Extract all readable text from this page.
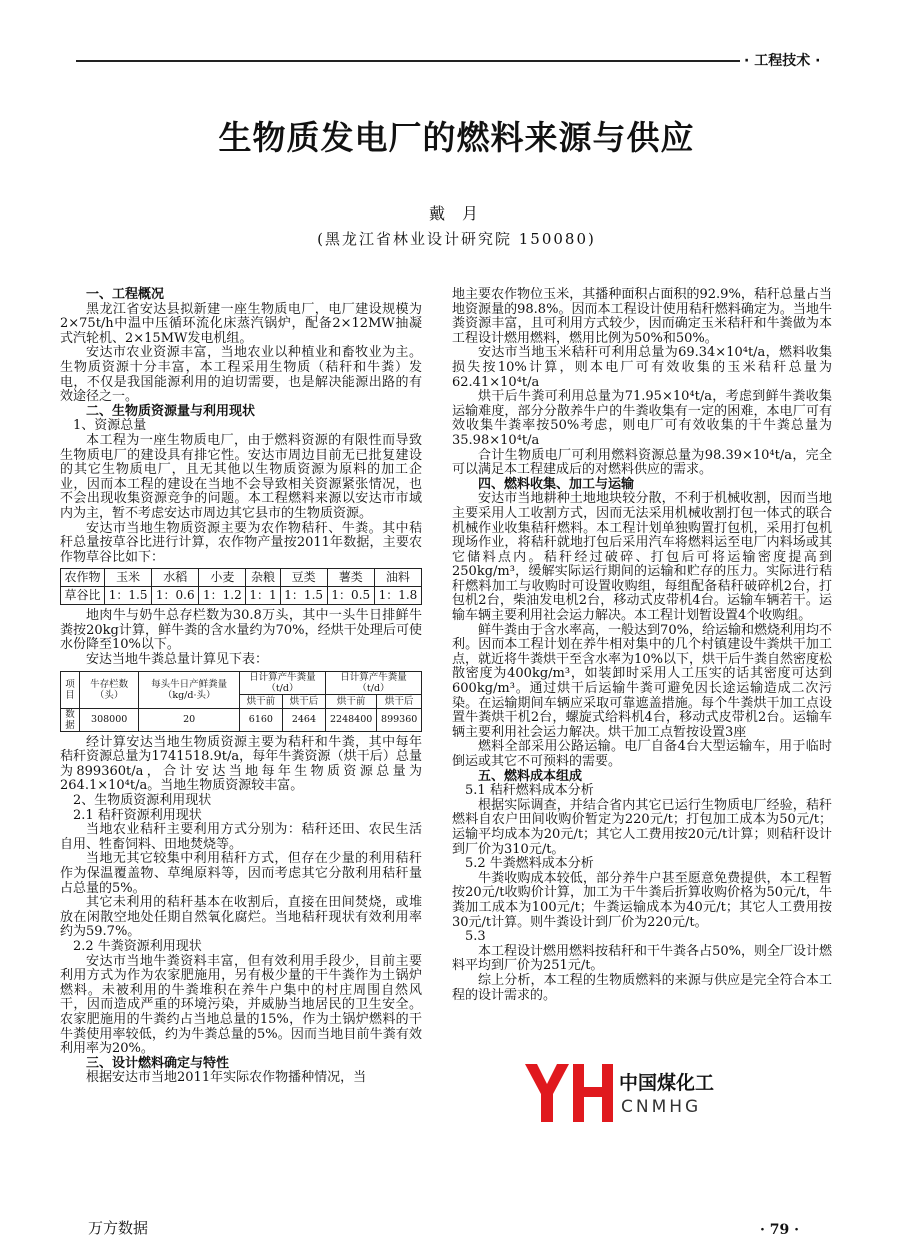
· 工程技术 ·
生物质发电厂的燃料来源与供应
戴 月
(黑龙江省林业设计研究院 150080)
一、工程概况

黑龙江省安达县拟新建一座生物质电厂，电厂建设规模为2×75t/h中温中压循环流化床蒸汽锅炉，配备2×12MW抽凝式汽轮机、2×15MW发电机组。

安达市农业资源丰富，当地农业以种植业和畜牧业为主。生物质资源十分丰富，本工程采用生物质（秸秆和牛粪）发电，不仅是我国能源利用的迫切需要，也是解决能源出路的有效途径之一。

二、生物质资源量与利用现状
1、资源总量

本工程为一座生物质电厂，由于燃料资源的有限性而导致生物质电厂的建设具有排它性。安达市周边目前无已批复建设的其它生物质电厂，且无其他以生物质资源为原料的加工企业，因而本工程的建设在当地不会导致相关资源紧张情况，也不会出现收集资源竞争的问题。本工程燃料来源以安达市市域内为主，暂不考虑安达市周边其它县市的生物质资源。

安达市当地生物质资源主要为农作物秸秆、牛粪。其中秸秆总量按草谷比进行计算，农作物产量按2011年数据，主要农作物草谷比如下：

农作物	玉米	水稻	小麦	杂粮	豆类	薯类	油料
草谷比	1：1.5	1：0.6	1：1.2	1：1	1：1.5	1：0.5	1：1.8

地肉牛与奶牛总存栏数为30.8万头，其中一头牛日排鲜牛粪按20kg计算，鲜牛粪的含水量约为70%，经烘干处理后可使水份降至10%以下。

安达当地牛粪总量计算见下表：

项目	牛存栏数（头）	每头牛日产鲜粪量（kg/d·头）	日计算产牛粪量（t/d）		日计算产牛粪量（t/d）	
			烘干前	烘干后	烘干前	烘干后
数据	308000	20	6160	2464	2248400	899360

经计算安达当地生物质资源主要为秸秆和牛粪，其中每年秸秆资源总量为1741518.9t/a，每年牛粪资源（烘干后）总量为899360t/a，合计安达当地每年生物质资源总量为264.1×10⁴t/a。当地生物质资源较丰富。

2、生物质资源利用现状
2.1 秸秆资源利用现状

当地农业秸秆主要利用方式分别为：秸秆还田、农民生活自用、牲畜饲料、田地焚烧等。

当地无其它较集中利用秸秆方式，但存在少量的利用秸秆作为保温覆盖物、草绳原料等，因而考虑其它分散利用秸秆量占总量的5%。

其它未利用的秸秆基本在收割后，直接在田间焚烧，或堆放在闲散空地处任期自然氧化腐烂。当地秸秆现状有效利用率约为59.7%。

2.2 牛粪资源利用现状

安达市当地牛粪资料丰富，但有效利用手段少，目前主要利用方式为作为农家肥施用，另有极少量的干牛粪作为土锅炉燃料。未被利用的牛粪堆积在养牛户集中的村庄周围自然风干，因而造成严重的环境污染，并威胁当地居民的卫生安全。农家肥施用的牛粪约占当地总量的15%，作为土锅炉燃料的干牛粪使用率较低，约为牛粪总量的5%。因而当地目前牛粪有效利用率为20%。

三、设计燃料确定与特性

根据安达市当地2011年实际农作物播种情况，当

地主要农作物位玉米，其播种面积占面积的92.9%，秸秆总量占当地资源量的98.8%。因而本工程设计使用秸秆燃料确定为。当地牛粪资源丰富，且可利用方式较少，因而确定玉米秸秆和牛粪做为本工程设计燃用燃料，燃用比例为50%和50%。

安达市当地玉米秸秆可利用总量为69.34×10⁴t/a，燃料收集损失按10%计算，则本电厂可有效收集的玉米秸秆总量为62.41×10⁴t/a

烘干后牛粪可利用总量为71.95×10⁴t/a，考虑到鲜牛粪收集运输难度，部分分散养牛户的牛粪收集有一定的困难，本电厂可有效收集牛粪率按50%考虑，则电厂可有效收集的干牛粪总量为35.98×10⁴t/a

合计生物质电厂可利用燃料资源总量为98.39×10⁴t/a，完全可以满足本工程建成后的对燃料供应的需求。

四、燃料收集、加工与运输

安达市当地耕种土地地块较分散，不利于机械收割，因而当地主要采用人工收割方式，因而无法采用机械收割打包一体式的联合机械作业收集秸秆燃料。本工程计划单独购置打包机，采用打包机现场作业，将秸秆就地打包后采用汽车将燃料运至电厂内料场或其它储料点内。秸秆经过破碎、打包后可将运输密度提高到250kg/m³，缓解实际运行期间的运输和贮存的压力。实际进行秸秆燃料加工与收购时可设置收购组，每组配备秸秆破碎机2台，打包机2台，柴油发电机2台，移动式皮带机4台。运输车辆若干。运输车辆主要利用社会运力解决。本工程计划暂设置4个收购组。

鲜牛粪由于含水率高，一般达到70%，给运输和燃烧利用均不利。因而本工程计划在养牛相对集中的几个村镇建设牛粪烘干加工点，就近将牛粪烘干至含水率为10%以下，烘干后牛粪自然密度松散密度为400kg/m³，如装卸时采用人工压实的话其密度可达到600kg/m³。通过烘干后运输牛粪可避免因长途运输造成二次污染。在运输期间车辆应采取可靠遮盖措施。每个牛粪烘干加工点设置牛粪烘干机2台，螺旋式给料机4台，移动式皮带机2台。运输车辆主要利用社会运力解决。烘干加工点暂按设置3座

燃料全部采用公路运输。电厂自备4台大型运输车，用于临时倒运或其它不可预料的需要。

五、燃料成本组成
5.1 秸秆燃料成本分析

根据实际调查，并结合省内其它已运行生物质电厂经验，秸秆燃料自农户田间收购价暂定为220元/t；打包加工成本为50元/t；运输平均成本为20元/t；其它人工费用按20元/t计算；则秸秆设计到厂价为310元/t。

5.2 牛粪燃料成本分析

牛粪收购成本较低，部分养牛户甚至愿意免费提供，本工程暂按20元/t收购价计算，加工为干牛粪后折算收购价格为50元/t，牛粪加工成本为100元/t；牛粪运输成本为40元/t；其它人工费用按30元/t计算。则牛粪设计到厂价为220元/t。

5.3

本工程设计燃用燃料按秸秆和干牛粪各占50%，则全厂设计燃料平均到厂价为251元/t。

综上分析，本工程的生物质燃料的来源与供应是完全符合本工程的设计需求的。

中国煤化工
CNMHG
万方数据	· 79 ·
